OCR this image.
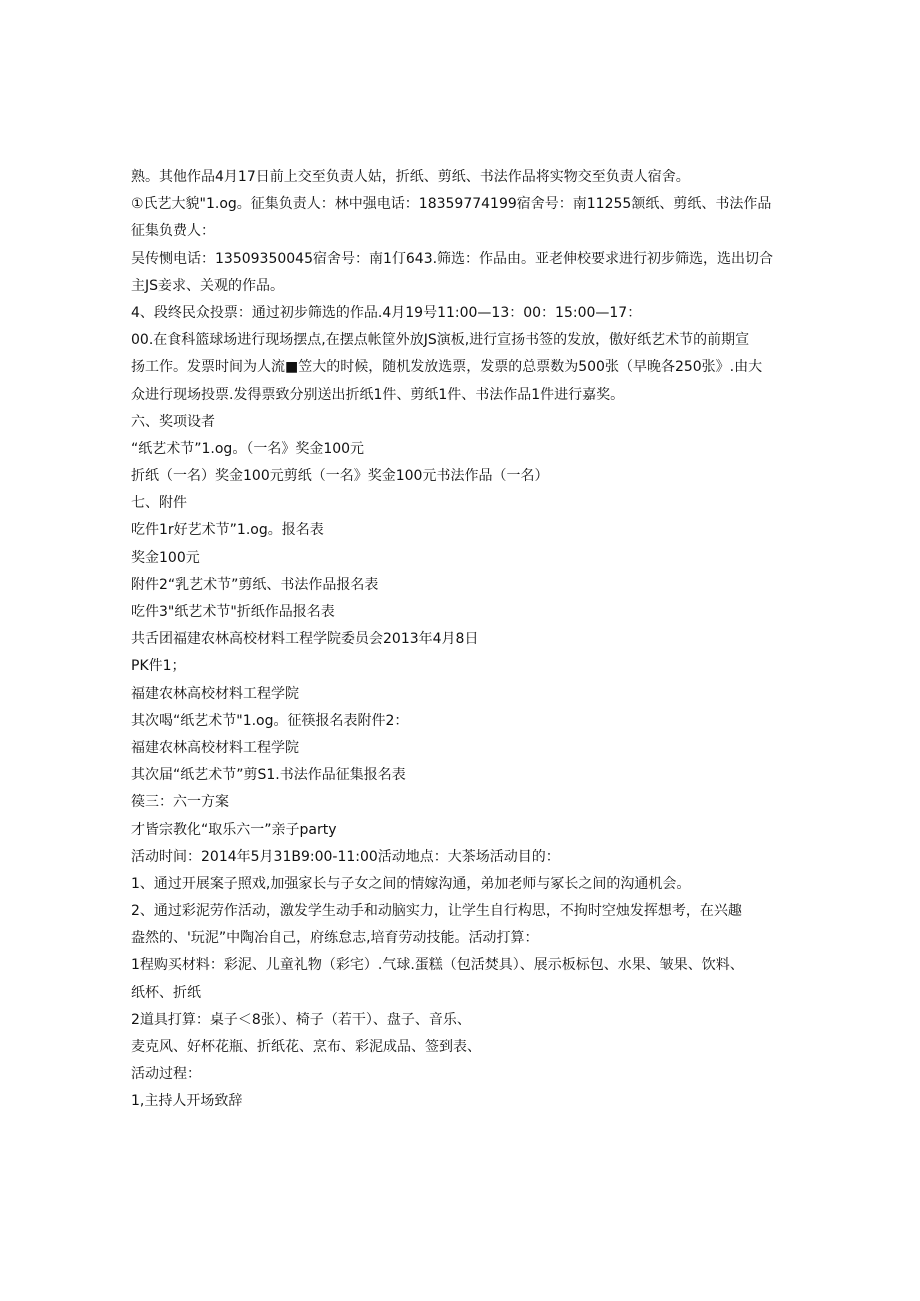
熟。其他作品4月17日前上交至负责人姑，折纸、剪纸、书法作品将实物交至负责人宿舍。
①氏艺大貌"1.og。征集负责人：林中强电话：18359774199宿舍号：南11255颔纸、剪纸、书法作品
征集负费人：
吴传恻电话：13509350045宿舍号：南1仃643.筛选：作品由。亚老伸校要求进行初步筛选，选出切合
主JS妾求、关观的作品。
4、段终民众投票：通过初步筛选的作品.4月19号11:00—13：00：15:00—17：
00.在食科篮球场进行现场摆点,在摆点帐筐外放JS演板,进行宣扬书签的发放，傲好纸艺术节的前期宣
扬工作。发票时间为人流■笠大的时候，随机发放选票，发票的总票数为500张（早晚各250张》.由大
众进行现场投票.发得票致分别送出折纸1件、剪纸1件、书法作品1件进行嘉奖。
六、奖项设者
“纸艺术节”1.og。（一名》奖金100元
折纸（一名）奖金100元剪纸（一名》奖金100元书法作品（一名）
七、附件
吃件1r好艺术节”1.og。报名表
奖金100元
附件2“乳艺术节”剪纸、书法作品报名表
吃件3"纸艺术节"折纸作品报名表
共舌团福建农林高校材料工程学院委员会2013年4月8日
PK件1；
福建农林高校材料工程学院
其次喝“纸艺术节"1.og。征筷报名表附件2：
福建农林高校材料工程学院
其次届“纸艺术节”剪S1.书法作品征集报名表
篌三：六一方案
才皆宗教化“取乐六一”亲子party
活动时间：2014年5月31B9:00-11:00活动地点：大茶场活动目的：
1、通过开展案子照戏,加强家长与子女之间的情嫁沟通，弟加老师与冢长之间的沟通机会。
2、通过彩泥劳作活动，激发学生动手和动脑实力，让学生自行构思，不拘时空烛发挥想考，在兴趣
盎然的、'玩泥”中陶冶自己，府练怠志,培育劳动技能。活动打算：
1程购买材料：彩泥、儿童礼物（彩宅）.气球.蛋糕（包活焚具）、展示板标包、水果、皱果、饮料、
纸杯、折纸
2道具打算：桌子＜8张）、椅子（若干）、盘子、音乐、
麦克风、好杯花瓶、折纸花、烹布、彩泥成品、签到表、
活动过程：
1,主持人开场致辞
